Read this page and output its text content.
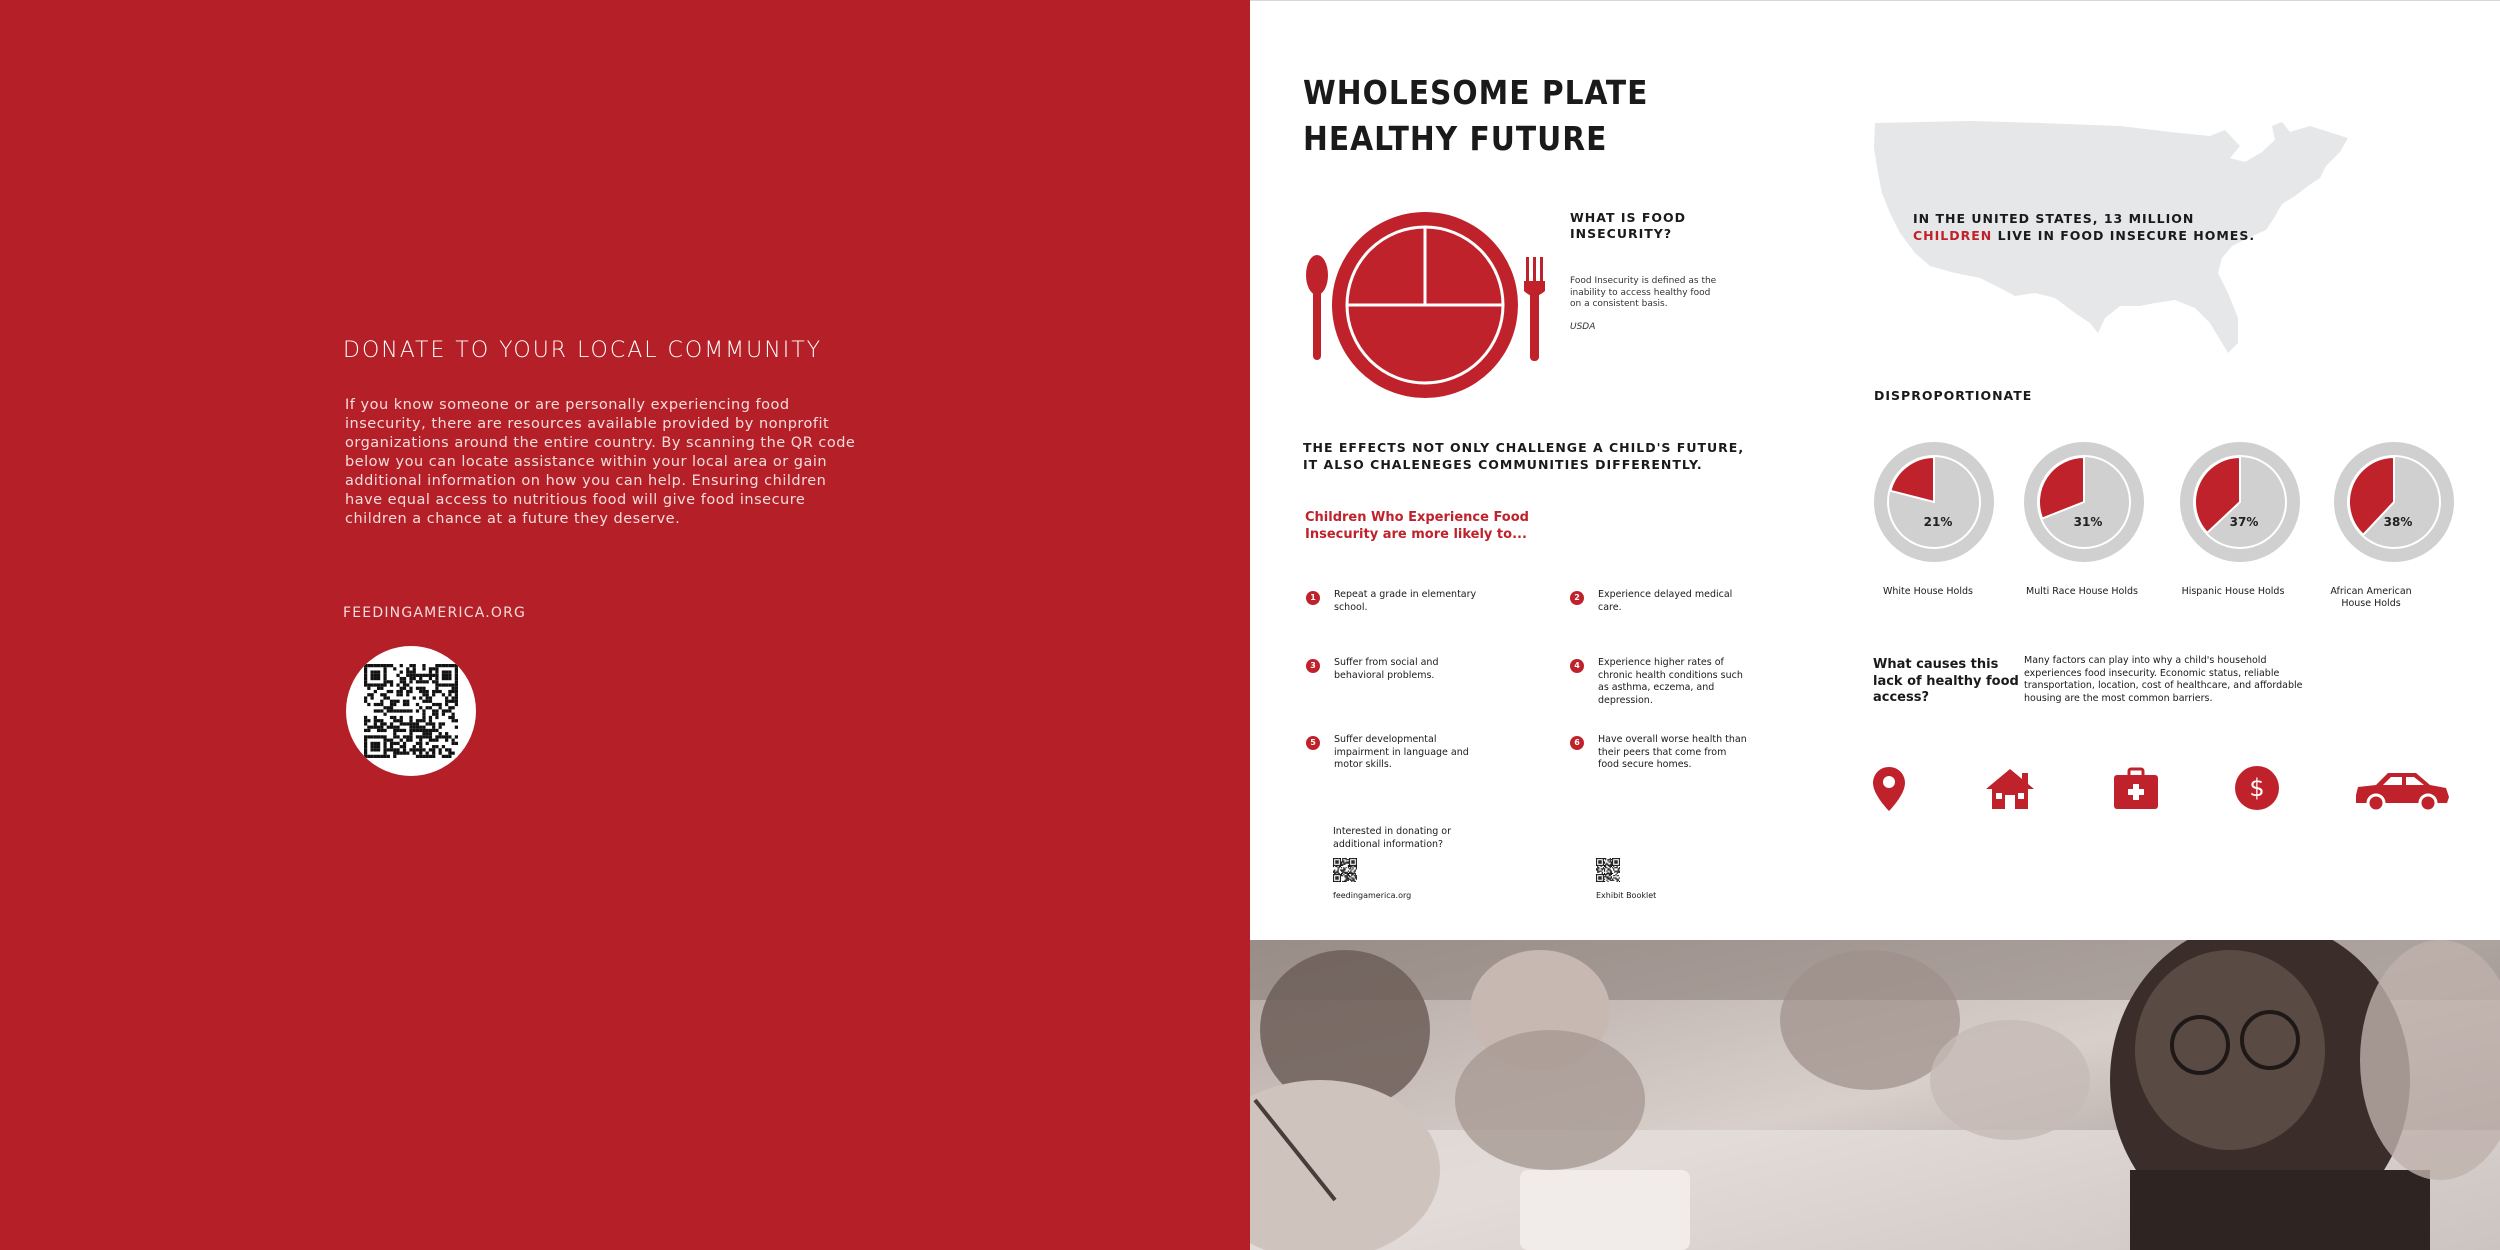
DONATE TO YOUR LOCAL COMMUNITY

If you know someone or are personally experiencing food insecurity, there are resources available provided by nonprofit organizations around the entire country. By scanning the QR code below you can locate assistance within your local area or gain additional information on how you can help. Ensuring children have equal access to nutritious food will give food insecure children a chance at a future they deserve.

FEEDINGAMERICA.ORG
WHOLESOME PLATE
HEALTHY FUTURE
WHAT IS FOOD INSECURITY?
Food Insecurity is defined as the inability to access healthy food on a consistent basis.
USDA
IN THE UNITED STATES, 13 MILLION
CHILDREN LIVE IN FOOD INSECURE HOMES.
THE EFFECTS NOT ONLY CHALLENGE A CHILD'S FUTURE, IT ALSO CHALENEGES COMMUNITIES DIFFERENTLY.
Children Who Experience Food Insecurity are more likely to...
1	Repeat a grade in elementary school.
2	Experience delayed medical care.
3	Suffer from social and behavioral problems.
4	Experience higher rates of chronic health conditions such as asthma, eczema, and depression.
5	Suffer developmental impairment in language and motor skills.
6	Have overall worse health than their peers that come from food secure homes.
Interested in donating or additional information?
feedingamerica.org	Exhibit Booklet
DISPROPORTIONATE
21%	31%	37%	38%
White House Holds	Multi Race House Holds	Hispanic House Holds	African American House Holds
What causes this lack of healthy food access?
Many factors can play into why a child's household experiences food insecurity. Economic status, reliable transportation, location, cost of healthcare, and affordable housing are the most common barriers.
$
